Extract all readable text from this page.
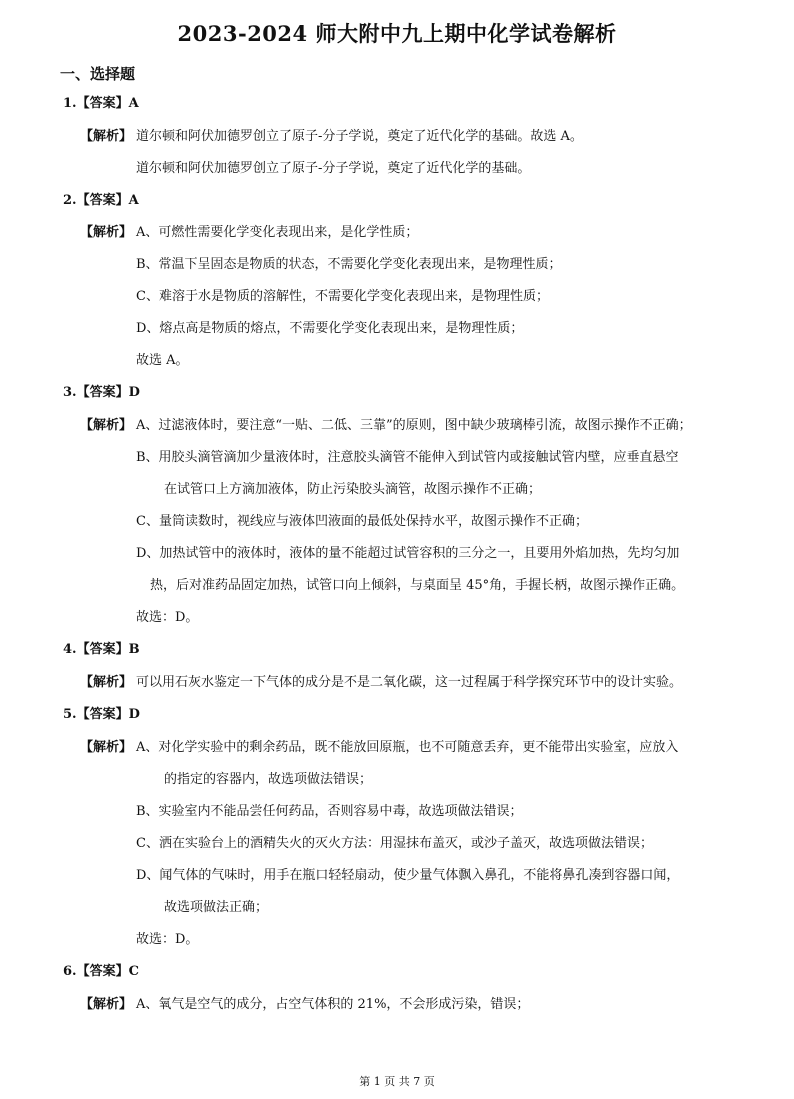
2023-2024 师大附中九上期中化学试卷解析
一、选择题
1.【答案】A
【解析】 道尔顿和阿伏加德罗创立了原子-分子学说，奠定了近代化学的基础。故选 A。
道尔顿和阿伏加德罗创立了原子-分子学说，奠定了近代化学的基础。
2.【答案】A
【解析】 A、可燃性需要化学变化表现出来，是化学性质；
B、常温下呈固态是物质的状态，不需要化学变化表现出来，是物理性质；
C、难溶于水是物质的溶解性，不需要化学变化表现出来，是物理性质；
D、熔点高是物质的熔点，不需要化学变化表现出来，是物理性质；
故选 A。
3.【答案】D
【解析】 A、过滤液体时，要注意“一贴、二低、三靠”的原则，图中缺少玻璃棒引流，故图示操作不正确；
B、用胶头滴管滴加少量液体时，注意胶头滴管不能伸入到试管内或接触试管内壁，应垂直悬空
在试管口上方滴加液体，防止污染胶头滴管，故图示操作不正确；
C、量筒读数时，视线应与液体凹液面的最低处保持水平，故图示操作不正确；
D、加热试管中的液体时，液体的量不能超过试管容积的三分之一，且要用外焰加热，先均匀加
热，后对准药品固定加热，试管口向上倾斜，与桌面呈 45°角，手握长柄，故图示操作正确。
故选：D。
4.【答案】B
【解析】 可以用石灰水鉴定一下气体的成分是不是二氧化碳，这一过程属于科学探究环节中的设计实验。
5.【答案】D
【解析】 A、对化学实验中的剩余药品，既不能放回原瓶，也不可随意丢弃，更不能带出实验室，应放入
的指定的容器内，故选项做法错误；
B、实验室内不能品尝任何药品，否则容易中毒，故选项做法错误；
C、洒在实验台上的酒精失火的灭火方法：用湿抹布盖灭，或沙子盖灭，故选项做法错误；
D、闻气体的气味时，用手在瓶口轻轻扇动，使少量气体飘入鼻孔，不能将鼻孔凑到容器口闻，
故选项做法正确；
故选：D。
6.【答案】C
【解析】 A、氧气是空气的成分，占空气体积的 21%，不会形成污染，错误；
第 1 页 共 7 页
